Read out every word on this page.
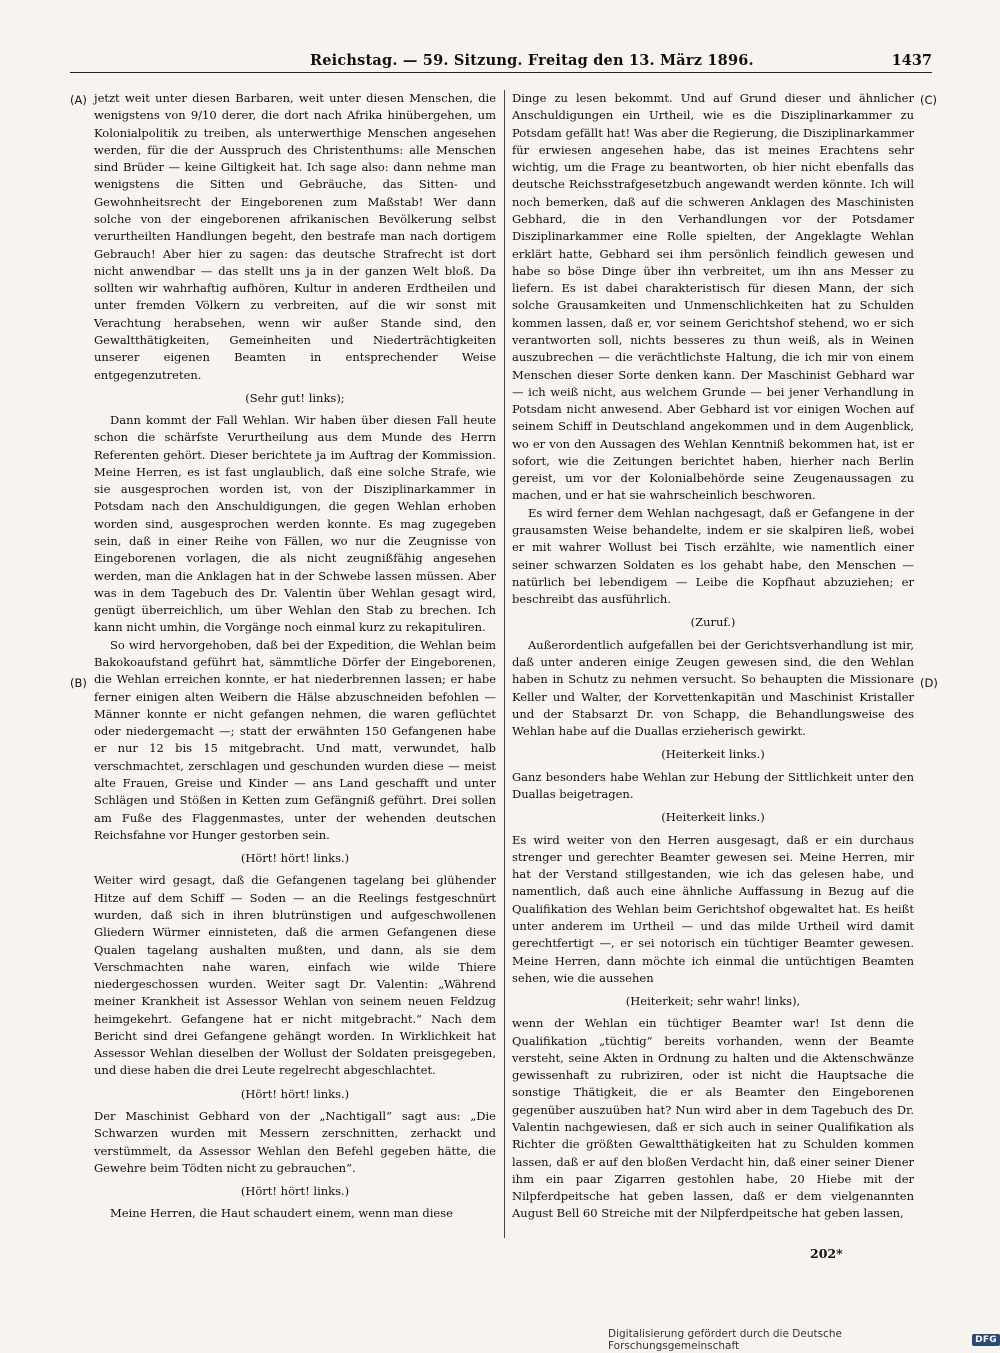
Reichstag. — 59. Sitzung. Freitag den 13. März 1896.	1437
(A)
(B)
(C)
(D)

jetzt weit unter diesen Barbaren, weit unter diesen Menschen, die wenigstens von 9/10 derer, die dort nach Afrika hinübergehen, um Kolonialpolitik zu treiben, als unterwerthige Menschen angesehen werden, für die der Ausspruch des Christenthums: alle Menschen sind Brüder — keine Giltigkeit hat. Ich sage also: dann nehme man wenigstens die Sitten und Gebräuche, das Sitten- und Gewohnheitsrecht der Eingeborenen zum Maßstab! Wer dann solche von der eingeborenen afrikanischen Bevölkerung selbst verurtheilten Handlungen begeht, den bestrafe man nach dortigem Gebrauch! Aber hier zu sagen: das deutsche Strafrecht ist dort nicht anwendbar — das stellt uns ja in der ganzen Welt bloß. Da sollten wir wahrhaftig aufhören, Kultur in anderen Erdtheilen und unter fremden Völkern zu verbreiten, auf die wir sonst mit Verachtung herabsehen, wenn wir außer Stande sind, den Gewaltthätigkeiten, Gemeinheiten und Niederträchtigkeiten unserer eigenen Beamten in entsprechender Weise entgegenzutreten.

(Sehr gut! links);

Dann kommt der Fall Wehlan. Wir haben über diesen Fall heute schon die schärfste Verurtheilung aus dem Munde des Herrn Referenten gehört. Dieser berichtete ja im Auftrag der Kommission. Meine Herren, es ist fast unglaublich, daß eine solche Strafe, wie sie ausgesprochen worden ist, von der Disziplinarkammer in Potsdam nach den Anschuldigungen, die gegen Wehlan erhoben worden sind, ausgesprochen werden konnte. Es mag zugegeben sein, daß in einer Reihe von Fällen, wo nur die Zeugnisse von Eingeborenen vorlagen, die als nicht zeugnißfähig angesehen werden, man die Anklagen hat in der Schwebe lassen müssen. Aber was in dem Tagebuch des Dr. Valentin über Wehlan gesagt wird, genügt überreichlich, um über Wehlan den Stab zu brechen. Ich kann nicht umhin, die Vorgänge noch einmal kurz zu rekapituliren.

So wird hervorgehoben, daß bei der Expedition, die Wehlan beim Bakokoaufstand geführt hat, sämmtliche Dörfer der Eingeborenen, die Wehlan erreichen konnte, er hat niederbrennen lassen; er habe ferner einigen alten Weibern die Hälse abzuschneiden befohlen — Männer konnte er nicht gefangen nehmen, die waren geflüchtet oder niedergemacht —; statt der erwähnten 150 Gefangenen habe er nur 12 bis 15 mitgebracht. Und matt, verwundet, halb verschmachtet, zerschlagen und geschunden wurden diese — meist alte Frauen, Greise und Kinder — ans Land geschafft und unter Schlägen und Stößen in Ketten zum Gefängniß geführt. Drei sollen am Fuße des Flaggenmastes, unter der wehenden deutschen Reichsfahne vor Hunger gestorben sein.

(Hört! hört! links.)

Weiter wird gesagt, daß die Gefangenen tagelang bei glühender Hitze auf dem Schiff — Soden — an die Reelings festgeschnürt wurden, daß sich in ihren blutrünstigen und aufgeschwollenen Gliedern Würmer einnisteten, daß die armen Gefangenen diese Qualen tagelang aushalten mußten, und dann, als sie dem Verschmachten nahe waren, einfach wie wilde Thiere niedergeschossen wurden. Weiter sagt Dr. Valentin: „Während meiner Krankheit ist Assessor Wehlan von seinem neuen Feldzug heimgekehrt. Gefangene hat er nicht mitgebracht.“ Nach dem Bericht sind drei Gefangene gehängt worden. In Wirklichkeit hat Assessor Wehlan dieselben der Wollust der Soldaten preisgegeben, und diese haben die drei Leute regelrecht abgeschlachtet.

(Hört! hört! links.)

Der Maschinist Gebhard von der „Nachtigall“ sagt aus: „Die Schwarzen wurden mit Messern zerschnitten, zerhackt und verstümmelt, da Assessor Wehlan den Befehl gegeben hätte, die Gewehre beim Tödten nicht zu gebrauchen“.

(Hört! hört! links.)

Meine Herren, die Haut schaudert einem, wenn man diese

Dinge zu lesen bekommt. Und auf Grund dieser und ähnlicher Anschuldigungen ein Urtheil, wie es die Disziplinarkammer zu Potsdam gefällt hat! Was aber die Regierung, die Disziplinarkammer für erwiesen angesehen habe, das ist meines Erachtens sehr wichtig, um die Frage zu beantworten, ob hier nicht ebenfalls das deutsche Reichsstrafgesetzbuch angewandt werden könnte. Ich will noch bemerken, daß auf die schweren Anklagen des Maschinisten Gebhard, die in den Verhandlungen vor der Potsdamer Disziplinarkammer eine Rolle spielten, der Angeklagte Wehlan erklärt hatte, Gebhard sei ihm persönlich feindlich gewesen und habe so böse Dinge über ihn verbreitet, um ihn ans Messer zu liefern. Es ist dabei charakteristisch für diesen Mann, der sich solche Grausamkeiten und Unmenschlichkeiten hat zu Schulden kommen lassen, daß er, vor seinem Gerichtshof stehend, wo er sich verantworten soll, nichts besseres zu thun weiß, als in Weinen auszubrechen — die verächtlichste Haltung, die ich mir von einem Menschen dieser Sorte denken kann. Der Maschinist Gebhard war — ich weiß nicht, aus welchem Grunde — bei jener Verhandlung in Potsdam nicht anwesend. Aber Gebhard ist vor einigen Wochen auf seinem Schiff in Deutschland angekommen und in dem Augenblick, wo er von den Aussagen des Wehlan Kenntniß bekommen hat, ist er sofort, wie die Zeitungen berichtet haben, hierher nach Berlin gereist, um vor der Kolonialbehörde seine Zeugenaussagen zu machen, und er hat sie wahrscheinlich beschworen.

Es wird ferner dem Wehlan nachgesagt, daß er Gefangene in der grausamsten Weise behandelte, indem er sie skalpiren ließ, wobei er mit wahrer Wollust bei Tisch erzählte, wie namentlich einer seiner schwarzen Soldaten es los gehabt habe, den Menschen — natürlich bei lebendigem — Leibe die Kopfhaut abzuziehen; er beschreibt das ausführlich.

(Zuruf.)

Außerordentlich aufgefallen bei der Gerichtsverhandlung ist mir, daß unter anderen einige Zeugen gewesen sind, die den Wehlan haben in Schutz zu nehmen versucht. So behaupten die Missionare Keller und Walter, der Korvettenkapitän und Maschinist Kristaller und der Stabsarzt Dr. von Schapp, die Behandlungsweise des Wehlan habe auf die Duallas erzieherisch gewirkt.

(Heiterkeit links.)

Ganz besonders habe Wehlan zur Hebung der Sittlichkeit unter den Duallas beigetragen.

(Heiterkeit links.)

Es wird weiter von den Herren ausgesagt, daß er ein durchaus strenger und gerechter Beamter gewesen sei. Meine Herren, mir hat der Verstand stillgestanden, wie ich das gelesen habe, und namentlich, daß auch eine ähnliche Auffassung in Bezug auf die Qualifikation des Wehlan beim Gerichtshof obgewaltet hat. Es heißt unter anderem im Urtheil — und das milde Urtheil wird damit gerechtfertigt —, er sei notorisch ein tüchtiger Beamter gewesen. Meine Herren, dann möchte ich einmal die untüchtigen Beamten sehen, wie die aussehen

(Heiterkeit; sehr wahr! links),

wenn der Wehlan ein tüchtiger Beamter war! Ist denn die Qualifikation „tüchtig“ bereits vorhanden, wenn der Beamte versteht, seine Akten in Ordnung zu halten und die Aktenschwänze gewissenhaft zu rubriziren, oder ist nicht die Hauptsache die sonstige Thätigkeit, die er als Beamter den Eingeborenen gegenüber auszuüben hat? Nun wird aber in dem Tagebuch des Dr. Valentin nachgewiesen, daß er sich auch in seiner Qualifikation als Richter die größten Gewaltthätigkeiten hat zu Schulden kommen lassen, daß er auf den bloßen Verdacht hin, daß einer seiner Diener ihm ein paar Zigarren gestohlen habe, 20 Hiebe mit der Nilpferdpeitsche hat geben lassen, daß er dem vielgenannten August Bell 60 Streiche mit der Nilpferdpeitsche hat geben lassen,

202*
Digitalisierung gefördert durch die Deutsche Forschungsgemeinschaft	DFG
